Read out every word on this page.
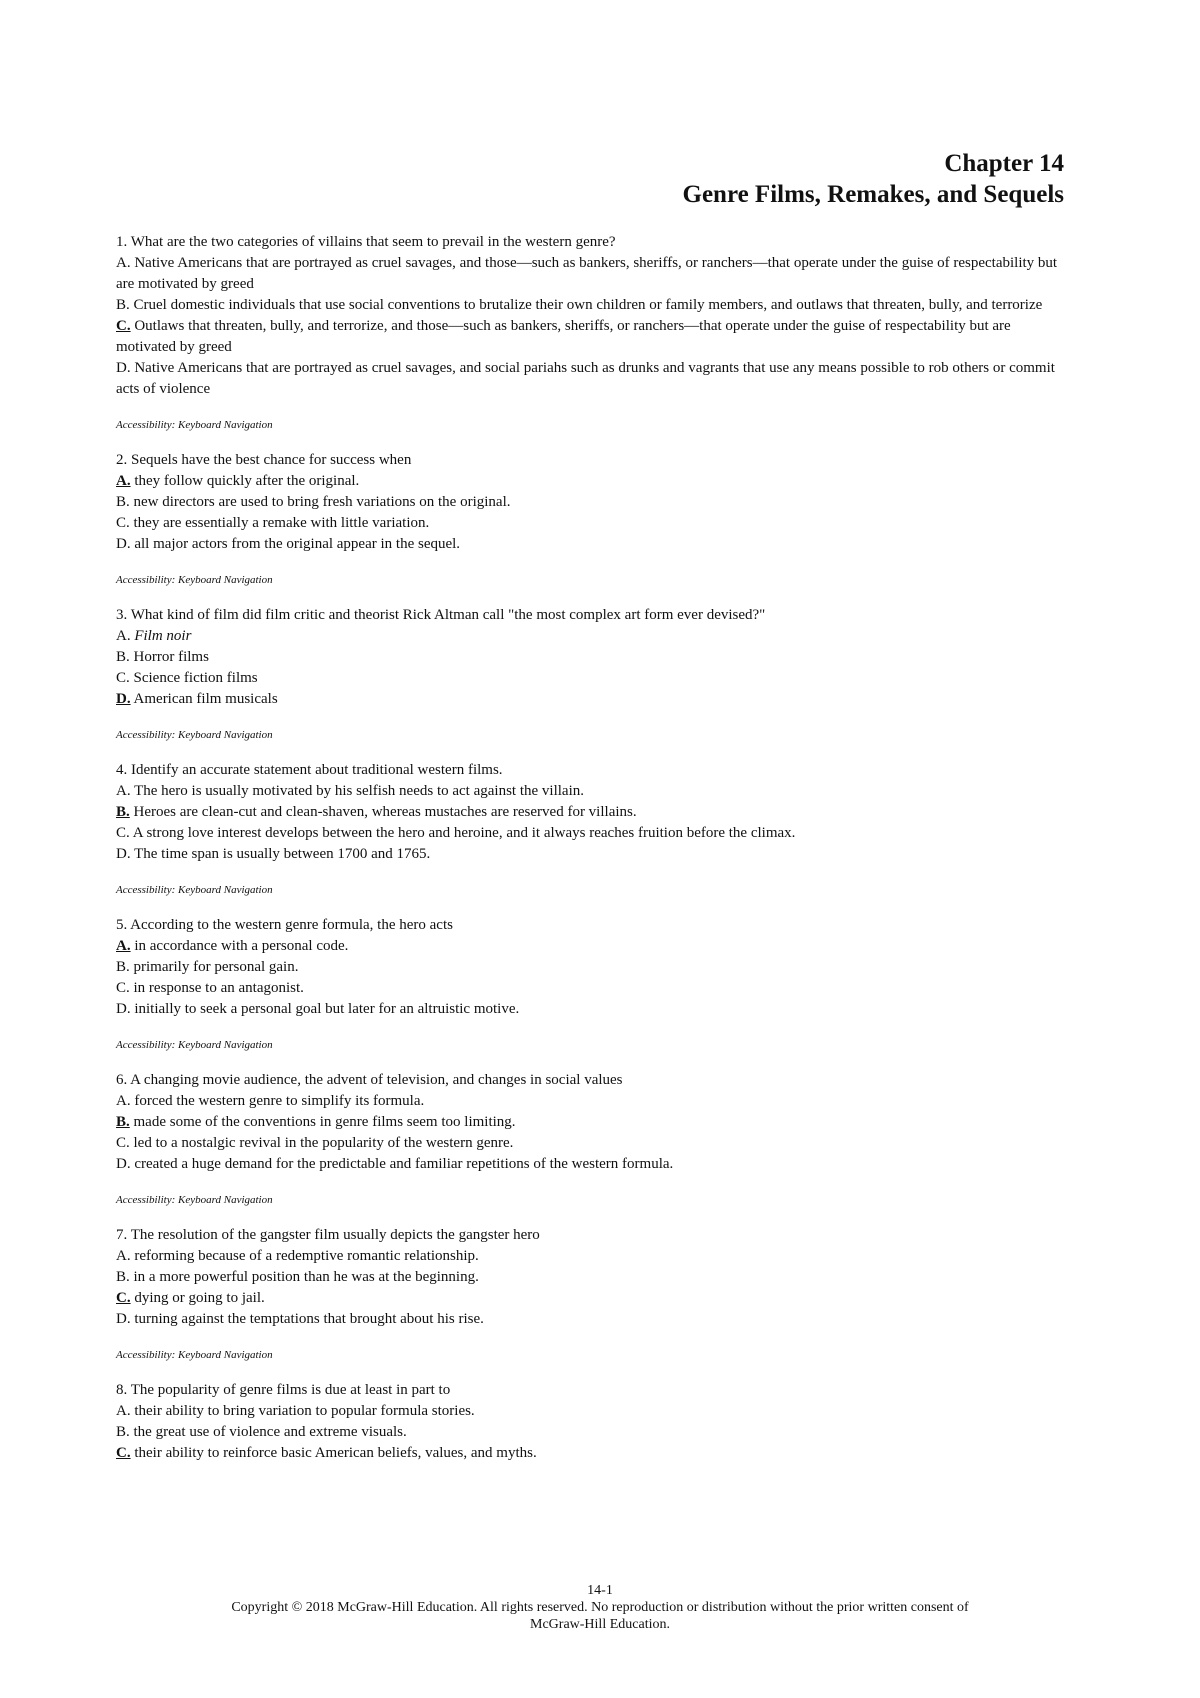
Chapter 14
Genre Films, Remakes, and Sequels
1. What are the two categories of villains that seem to prevail in the western genre?
A. Native Americans that are portrayed as cruel savages, and those—such as bankers, sheriffs, or ranchers—that operate under the guise of respectability but are motivated by greed
B. Cruel domestic individuals that use social conventions to brutalize their own children or family members, and outlaws that threaten, bully, and terrorize
C. Outlaws that threaten, bully, and terrorize, and those—such as bankers, sheriffs, or ranchers—that operate under the guise of respectability but are motivated by greed
D. Native Americans that are portrayed as cruel savages, and social pariahs such as drunks and vagrants that use any means possible to rob others or commit acts of violence
Accessibility: Keyboard Navigation
2. Sequels have the best chance for success when
A. they follow quickly after the original.
B. new directors are used to bring fresh variations on the original.
C. they are essentially a remake with little variation.
D. all major actors from the original appear in the sequel.
Accessibility: Keyboard Navigation
3. What kind of film did film critic and theorist Rick Altman call "the most complex art form ever devised?"
A. Film noir
B. Horror films
C. Science fiction films
D. American film musicals
Accessibility: Keyboard Navigation
4. Identify an accurate statement about traditional western films.
A. The hero is usually motivated by his selfish needs to act against the villain.
B. Heroes are clean-cut and clean-shaven, whereas mustaches are reserved for villains.
C. A strong love interest develops between the hero and heroine, and it always reaches fruition before the climax.
D. The time span is usually between 1700 and 1765.
Accessibility: Keyboard Navigation
5. According to the western genre formula, the hero acts
A. in accordance with a personal code.
B. primarily for personal gain.
C. in response to an antagonist.
D. initially to seek a personal goal but later for an altruistic motive.
Accessibility: Keyboard Navigation
6. A changing movie audience, the advent of television, and changes in social values
A. forced the western genre to simplify its formula.
B. made some of the conventions in genre films seem too limiting.
C. led to a nostalgic revival in the popularity of the western genre.
D. created a huge demand for the predictable and familiar repetitions of the western formula.
Accessibility: Keyboard Navigation
7. The resolution of the gangster film usually depicts the gangster hero
A. reforming because of a redemptive romantic relationship.
B. in a more powerful position than he was at the beginning.
C. dying or going to jail.
D. turning against the temptations that brought about his rise.
Accessibility: Keyboard Navigation
8. The popularity of genre films is due at least in part to
A. their ability to bring variation to popular formula stories.
B. the great use of violence and extreme visuals.
C. their ability to reinforce basic American beliefs, values, and myths.
14-1
Copyright © 2018 McGraw-Hill Education. All rights reserved. No reproduction or distribution without the prior written consent of
McGraw-Hill Education.
